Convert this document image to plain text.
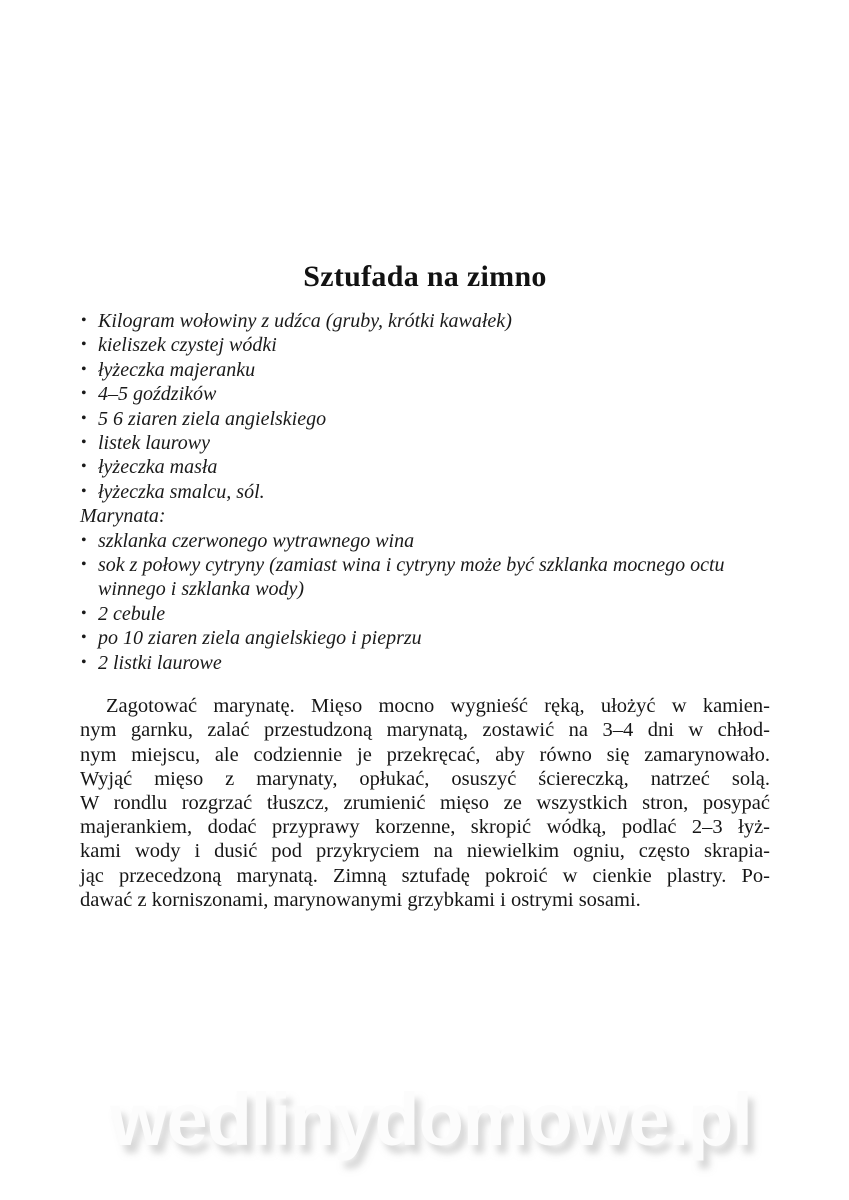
Sztufada na zimno
• Kilogram wołowiny z udźca (gruby, krótki kawałek)
• kieliszek czystej wódki
• łyżeczka majeranku
• 4–5 goździków
• 5 6 ziaren ziela angielskiego
• listek laurowy
• łyżeczka masła
• łyżeczka smalcu, sól.
Marynata:
• szklanka czerwonego wytrawnego wina
• sok z połowy cytryny (zamiast wina i cytryny może być szklanka mocnego octu winnego i szklanka wody)
• 2 cebule
• po 10 ziaren ziela angielskiego i pieprzu
• 2 listki laurowe
Zagotować marynatę. Mięso mocno wygnieść ręką, ułożyć w kamien-
nym garnku, zalać przestudzoną marynatą, zostawić na 3–4 dni w chłod-
nym miejscu, ale codziennie je przekręcać, aby równo się zamarynowało.
Wyjąć mięso z marynaty, opłukać, osuszyć ściereczką, natrzeć solą.
W rondlu rozgrzać tłuszcz, zrumienić mięso ze wszystkich stron, posypać
majerankiem, dodać przyprawy korzenne, skropić wódką, podlać 2–3 łyż-
kami wody i dusić pod przykryciem na niewielkim ogniu, często skrapia-
jąc przecedzoną marynatą. Zimną sztufadę pokroić w cienkie plastry. Po-
dawać z korniszonami, marynowanymi grzybkami i ostrymi sosami.
wedlinydomowe.pl
